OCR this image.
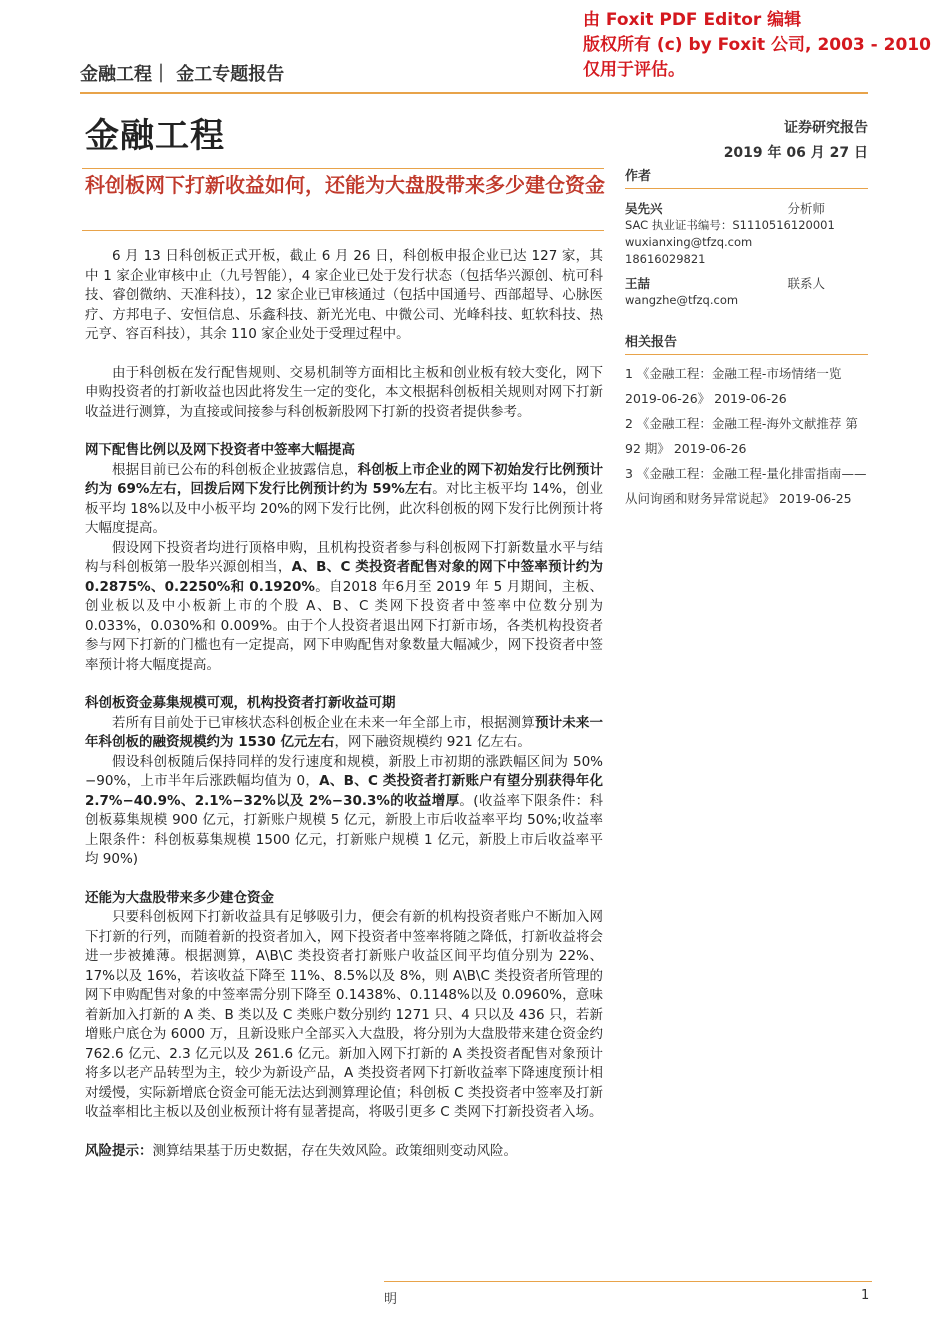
由 Foxit PDF Editor 编辑
版权所有 (c) by Foxit 公司, 2003 - 2010
仅用于评估。
金融工程｜ 金工专题报告
金融工程	证券研究报告
2019 年 06 月 27 日
科创板网下打新收益如何，还能为大盘股带来多少建仓资金

6 月 13 日科创板正式开板，截止 6 月 26 日，科创板申报企业已达 127 家，其中 1 家企业审核中止（九号智能），4 家企业已处于发行状态（包括华兴源创、杭可科技、睿创微纳、天准科技），12 家企业已审核通过（包括中国通号、西部超导、心脉医疗、方邦电子、安恒信息、乐鑫科技、新光光电、中微公司、光峰科技、虹软科技、热元亨、容百科技），其余 110 家企业处于受理过程中。

由于科创板在发行配售规则、交易机制等方面相比主板和创业板有较大变化，网下申购投资者的打新收益也因此将发生一定的变化，本文根据科创板相关规则对网下打新收益进行测算，为直接或间接参与科创板新股网下打新的投资者提供参考。

网下配售比例以及网下投资者中签率大幅提高

根据目前已公布的科创板企业披露信息，科创板上市企业的网下初始发行比例预计约为 69%左右，回拨后网下发行比例预计约为 59%左右。对比主板平均 14%，创业板平均 18%以及中小板平均 20%的网下发行比例，此次科创板的网下发行比例预计将大幅度提高。

假设网下投资者均进行顶格申购，且机构投资者参与科创板网下打新数量水平与结构与科创板第一股华兴源创相当，A、B、C 类投资者配售对象的网下中签率预计约为 0.2875%、0.2250%和 0.1920%。自2018 年6月至 2019 年 5 月期间，主板、创业板以及中小板新上市的个股 A、B、C 类网下投资者中签率中位数分别为 0.033%，0.030%和 0.009%。由于个人投资者退出网下打新市场，各类机构投资者参与网下打新的门槛也有一定提高，网下申购配售对象数量大幅减少，网下投资者中签率预计将大幅度提高。

科创板资金募集规模可观，机构投资者打新收益可期

若所有目前处于已审核状态科创板企业在未来一年全部上市，根据测算预计未来一年科创板的融资规模约为 1530 亿元左右，网下融资规模约 921 亿左右。

假设科创板随后保持同样的发行速度和规模，新股上市初期的涨跌幅区间为 50%−90%，上市半年后涨跌幅均值为 0，A、B、C 类投资者打新账户有望分别获得年化 2.7%−40.9%、2.1%−32%以及 2%−30.3%的收益增厚。(收益率下限条件：科创板募集规模 900 亿元，打新账户规模 5 亿元，新股上市后收益率平均 50%;收益率上限条件：科创板募集规模 1500 亿元，打新账户规模 1 亿元，新股上市后收益率平均 90%)

还能为大盘股带来多少建仓资金

只要科创板网下打新收益具有足够吸引力，便会有新的机构投资者账户不断加入网下打新的行列，而随着新的投资者加入，网下投资者中签率将随之降低，打新收益将会进一步被摊薄。根据测算，A\B\C 类投资者打新账户收益区间平均值分别为 22%、17%以及 16%，若该收益下降至 11%、8.5%以及 8%，则 A\B\C 类投资者所管理的网下申购配售对象的中签率需分别下降至 0.1438%、0.1148%以及 0.0960%，意味着新加入打新的 A 类、B 类以及 C 类账户数分别约 1271 只、4 只以及 436 只，若新增账户底仓为 6000 万，且新设账户全部买入大盘股，将分别为大盘股带来建仓资金约 762.6 亿元、2.3 亿元以及 261.6 亿元。新加入网下打新的 A 类投资者配售对象预计将多以老产品转型为主，较少为新设产品，A 类投资者网下打新收益率下降速度预计相对缓慢，实际新增底仓资金可能无法达到测算理论值；科创板 C 类投资者中签率及打新收益率相比主板以及创业板预计将有显著提高，将吸引更多 C 类网下打新投资者入场。

风险提示：测算结果基于历史数据，存在失效风险。政策细则变动风险。

作者
吴先兴	分析师
SAC 执业证书编号：S1110516120001
wuxianxing@tfzq.com
18616029821
王喆	联系人
wangzhe@tfzq.com
相关报告
1 《金融工程：金融工程-市场情绪一览 2019-06-26》 2019-06-26
2 《金融工程：金融工程-海外文献推荐 第 92 期》 2019-06-26
3 《金融工程：金融工程-量化排雷指南——从问询函和财务异常说起》 2019-06-25
明	1
